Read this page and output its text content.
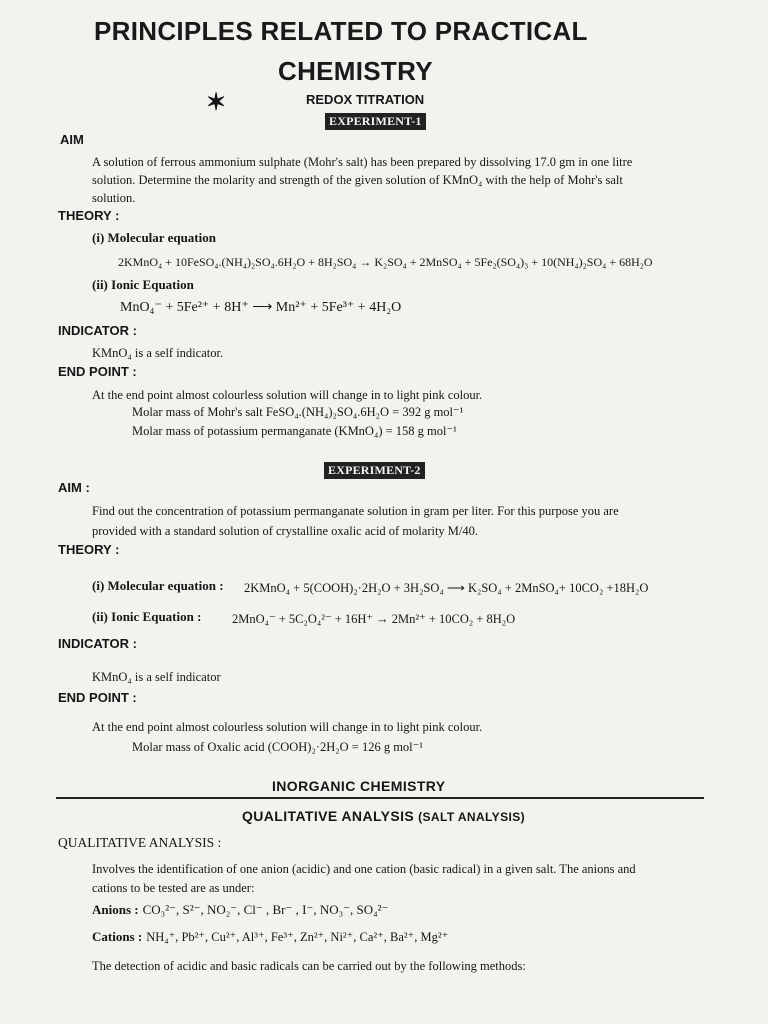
PRINCIPLES RELATED TO PRACTICAL
CHEMISTRY
✶	REDOX TITRATION
EXPERIMENT-1
AIM
A solution of ferrous ammonium sulphate (Mohr's salt) has been prepared by dissolving 17.0 gm in one litre
solution. Determine the molarity and strength of the given solution of KMnO₄ with the help of Mohr's salt
solution.
THEORY :
(i) Molecular equation
2KMnO₄ + 10FeSO₄.(NH₄)₂SO₄.6H₂O + 8H₂SO₄ → K₂SO₄ + 2MnSO₄ + 5Fe₂(SO₄)₃ + 10(NH₄)₂SO₄ + 68H₂O
(ii) Ionic Equation
MnO₄⁻ + 5Fe²⁺ + 8H⁺ ⟶ Mn²⁺ + 5Fe³⁺ + 4H₂O
INDICATOR :
KMnO₄ is a self indicator.
END POINT :
At the end point almost colourless solution will change in to light pink colour.
Molar mass of Mohr's salt FeSO₄.(NH₄)₂SO₄.6H₂O = 392 g mol⁻¹
Molar mass of potassium permanganate (KMnO₄) = 158 g mol⁻¹
EXPERIMENT-2
AIM :
Find out the concentration of potassium permanganate solution in gram per liter. For this purpose you are
provided with a standard solution of crystalline oxalic acid of molarity M/40.
THEORY :
(i) Molecular equation : 2KMnO₄ + 5(COOH)₂·2H₂O + 3H₂SO₄ ⟶ K₂SO₄ + 2MnSO₄+ 10CO₂ +18H₂O
(ii) Ionic Equation : 2MnO₄⁻ + 5C₂O₄²⁻ + 16H⁺ → 2Mn²⁺ + 10CO₂ + 8H₂O
INDICATOR :
KMnO₄ is a self indicator
END POINT :
At the end point almost colourless solution will change in to light pink colour.
Molar mass of Oxalic acid (COOH)₂·2H₂O = 126 g mol⁻¹
INORGANIC CHEMISTRY
QUALITATIVE ANALYSIS (SALT ANALYSIS)
QUALITATIVE ANALYSIS :
Involves the identification of one anion (acidic) and one cation (basic radical) in a given salt. The anions and
cations to be tested are as under:
Anions : CO₃²⁻, S²⁻, NO₂⁻, Cl⁻ , Br⁻ , I⁻, NO₃⁻, SO₄²⁻
Cations : NH₄⁺, Pb²⁺, Cu²⁺, Al³⁺, Fe³⁺, Zn²⁺, Ni²⁺, Ca²⁺, Ba²⁺, Mg²⁺
The detection of acidic and basic radicals can be carried out by the following methods:
